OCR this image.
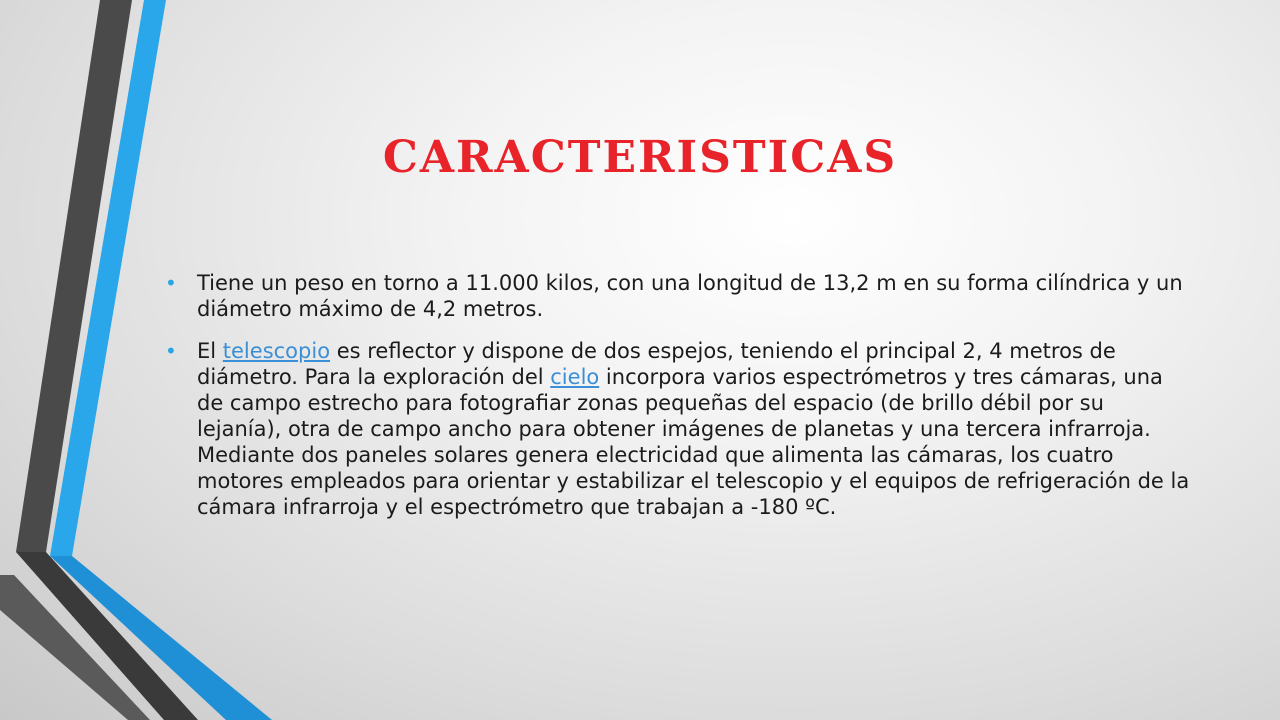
CARACTERISTICAS
• Tiene un peso en torno a 11.000 kilos, con una longitud de 13,2 m en su forma cilíndrica y un diámetro máximo de 4,2 metros.
• El telescopio es reflector y dispone de dos espejos, teniendo el principal 2, 4 metros de diámetro. Para la exploración del cielo incorpora varios espectrómetros y tres cámaras, una de campo estrecho para fotografiar zonas pequeñas del espacio (de brillo débil por su lejanía), otra de campo ancho para obtener imágenes de planetas y una tercera infrarroja. Mediante dos paneles solares genera electricidad que alimenta las cámaras, los cuatro motores empleados para orientar y estabilizar el telescopio y el equipos de refrigeración de la cámara infrarroja y el espectrómetro que trabajan a -180 ºC.
